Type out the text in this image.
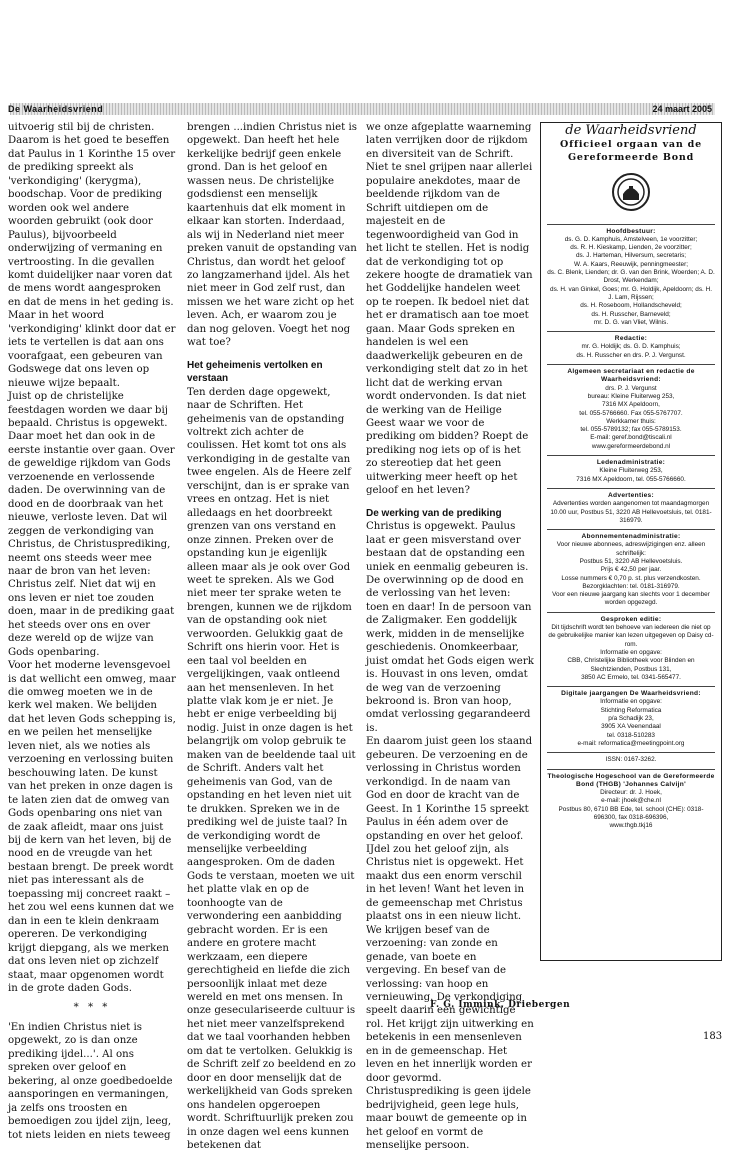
De Waarheidsvriend	24 maart 2005

uitvoerig stil bij de christen. Daarom is het goed te beseffen dat Paulus in 1 Korinthe 15 over de prediking spreekt als 'verkondiging' (kerygma), boodschap. Voor de prediking worden ook wel andere woorden gebruikt (ook door Paulus), bijvoorbeeld onderwijzing of vermaning en vertroosting. In die gevallen komt duidelijker naar voren dat de mens wordt aangesproken en dat de mens in het geding is. Maar in het woord 'verkondiging' klinkt door dat er iets te vertellen is dat aan ons voorafgaat, een gebeuren van Godswege dat ons leven op nieuwe wijze bepaalt.

Juist op de christelijke feestdagen worden we daar bij bepaald. Christus is opgewekt. Daar moet het dan ook in de eerste instantie over gaan. Over de geweldige rijkdom van Gods verzoenende en verlossende daden. De overwinning van de dood en de doorbraak van het nieuwe, verloste leven. Dat wil zeggen de verkondiging van Christus, de Christusprediking, neemt ons steeds weer mee naar de bron van het leven: Christus zelf. Niet dat wij en ons leven er niet toe zouden doen, maar in de prediking gaat het steeds over ons en over deze wereld op de wijze van Gods openbaring.

Voor het moderne levensgevoel is dat wellicht een omweg, maar die omweg moeten we in de kerk wel maken. We belijden dat het leven Gods schepping is, en we peilen het menselijke leven niet, als we noties als verzoening en verlossing buiten beschouwing laten. De kunst van het preken in onze dagen is te laten zien dat de omweg van Gods openbaring ons niet van de zaak afleidt, maar ons juist bij de kern van het leven, bij de nood en de vreugde van het bestaan brengt. De preek wordt niet pas interessant als de toepassing mij concreet raakt – het zou wel eens kunnen dat we dan in een te klein denkraam opereren. De verkondiging krijgt diepgang, als we merken dat ons leven niet op zichzelf staat, maar opgenomen wordt in de grote daden Gods.

* * *

'En indien Christus niet is opgewekt, zo is dan onze prediking ijdel...'. Al ons spreken over geloof en bekering, al onze goedbedoelde aansporingen en vermaningen, ja zelfs ons troosten en bemoedigen zou ijdel zijn, leeg, tot niets leiden en niets teweeg

brengen ...indien Christus niet is opgewekt. Dan heeft het hele kerkelijke bedrijf geen enkele grond. Dan is het geloof en wassen neus. De christelijke godsdienst een menselijk kaartenhuis dat elk moment in elkaar kan storten. Inderdaad, als wij in Nederland niet meer preken vanuit de opstanding van Christus, dan wordt het geloof zo langzamerhand ijdel. Als het niet meer in God zelf rust, dan missen we het ware zicht op het leven. Ach, er waarom zou je dan nog geloven. Voegt het nog wat toe?

Het geheimenis vertolken en verstaan

Ten derden dage opgewekt, naar de Schriften. Het geheimenis van de opstanding voltrekt zich achter de coulissen. Het komt tot ons als verkondiging in de gestalte van twee engelen. Als de Heere zelf verschijnt, dan is er sprake van vrees en ontzag. Het is niet alledaags en het doorbreekt grenzen van ons verstand en onze zinnen. Preken over de opstanding kun je eigenlijk alleen maar als je ook over God weet te spreken. Als we God niet meer ter sprake weten te brengen, kunnen we de rijkdom van de opstanding ook niet verwoorden. Gelukkig gaat de Schrift ons hierin voor. Het is een taal vol beelden en vergelijkingen, vaak ontleend aan het mensenleven. In het platte vlak kom je er niet. Je hebt er enige verbeelding bij nodig. Juist in onze dagen is het belangrijk om volop gebruik te maken van de beeldende taal uit de Schrift. Anders valt het geheimenis van God, van de opstanding en het leven niet uit te drukken. Spreken we in de prediking wel de juiste taal? In de verkondiging wordt de menselijke verbeelding aangesproken. Om de daden Gods te verstaan, moeten we uit het platte vlak en op de toonhoogte van de verwondering een aanbidding gebracht worden. Er is een andere en grotere macht werkzaam, een diepere gerechtigheid en liefde die zich persoonlijk inlaat met deze wereld en met ons mensen. In onze geseculariseerde cultuur is het niet meer vanzelfsprekend dat we taal voorhanden hebben om dat te vertolken. Gelukkig is de Schrift zelf zo beeldend en zo door en door menselijk dat de werkelijkheid van Gods spreken ons handelen opgeroepen wordt. Schriftuurlijk preken zou in onze dagen wel eens kunnen betekenen dat

we onze afgeplatte waarneming laten verrijken door de rijkdom en diversiteit van de Schrift. Niet te snel grijpen naar allerlei populaire anekdotes, maar de beeldende rijkdom van de Schrift uitdiepen om de majesteit en de tegenwoordigheid van God in het licht te stellen. Het is nodig dat de verkondiging tot op zekere hoogte de dramatiek van het Goddelijke handelen weet op te roepen. Ik bedoel niet dat het er dramatisch aan toe moet gaan. Maar Gods spreken en handelen is wel een daadwerkelijk gebeuren en de verkondiging stelt dat zo in het licht dat de werking ervan wordt ondervonden. Is dat niet de werking van de Heilige Geest waar we voor de prediking om bidden? Roept de prediking nog iets op of is het zo stereotiep dat het geen uitwerking meer heeft op het geloof en het leven?

De werking van de prediking

Christus is opgewekt. Paulus laat er geen misverstand over bestaan dat de opstanding een uniek en eenmalig gebeuren is. De overwinning op de dood en de verlossing van het leven: toen en daar! In de persoon van de Zaligmaker. Een goddelijk werk, midden in de menselijke geschiedenis. Onomkeerbaar, juist omdat het Gods eigen werk is. Houvast in ons leven, omdat de weg van de verzoening bekroond is. Bron van hoop, omdat verlossing gegarandeerd is.

En daarom juist geen los staand gebeuren. De verzoening en de verlossing in Christus worden verkondigd. In de naam van God en door de kracht van de Geest. In 1 Korinthe 15 spreekt Paulus in één adem over de opstanding en over het geloof. IJdel zou het geloof zijn, als Christus niet is opgewekt. Het maakt dus een enorm verschil in het leven! Want het leven in de gemeenschap met Christus plaatst ons in een nieuw licht. We krijgen besef van de verzoening: van zonde en genade, van boete en vergeving. En besef van de verlossing: van hoop en vernieuwing. De verkondiging speelt daarin een gewichtige rol. Het krijgt zijn uitwerking en betekenis in een mensenleven en in de gemeenschap. Het leven en het innerlijk worden er door gevormd. Christusprediking is geen ijdele bedrijvigheid, geen lege huls, maar bouwt de gemeente op in het geloof en vormt de menselijke persoon.

F. G. Immink, Driebergen
de Waarheidsvriend
Officieel orgaan van de Gereformeerde Bond
Hoofdbestuur:
ds. G. D. Kamphuis, Amstelveen, 1e voorzitter;
ds. R. H. Kieskamp, Lienden, 2e voorzitter;
ds. J. Harteman, Hilversum, secretaris;
W. A. Kaars, Reeuwijk, penningmeester;
ds. C. Blenk, Lienden; dr. G. van den Brink, Woerden; A. D. Drost, Werkendam;
ds. H. van Ginkel, Goes; mr. G. Holdijk, Apeldoorn; ds. H. J. Lam, Rijssen;
ds. H. Roseboom, Hollandscheveld;
ds. H. Russcher, Barneveld;
mr. D. G. van Vliet, Wilnis.
Redactie:
mr. G. Holdijk; ds. G. D. Kamphuis;
ds. H. Russcher en drs. P. J. Vergunst.
Algemeen secretariaat en redactie de Waarheidsvriend:
drs. P. J. Vergunst
bureau: Kleine Fluiterweg 253,
7316 MX Apeldoorn,
tel. 055-5766660. Fax 055-5767707.
Werkkamer thuis:
tel. 055-5789132; fax 055-5789153.
E-mail: geref.bond@tiscali.nl
www.gereformeerdebond.nl
Ledenadministratie:
Kleine Fluiterweg 253,
7316 MX Apeldoorn, tel. 055-5766660.
Advertenties:
Advertenties worden aangenomen tot maandagmorgen 10.00 uur, Postbus 51, 3220 AB Hellevoetsluis, tel. 0181-316979.
Abonnementenadministratie:
Voor nieuwe abonnees, adreswijzigingen enz. alleen schriftelijk:
Postbus 51, 3220 AB Hellevoetsluis.
Prijs € 42,50 per jaar.
Losse nummers € 0,70 p. st. plus verzendkosten. Bezorgklachten: tel. 0181-316979.
Voor een nieuwe jaargang kan slechts voor 1 december worden opgezegd.
Gesproken editie:
Dit tijdschrift wordt ten behoeve van iedereen die niet op de gebruikelijke manier kan lezen uitgegeven op Daisy cd-rom.
Informatie en opgave:
CBB, Christelijke Bibliotheek voor Blinden en Slechtzienden, Postbus 131,
3850 AC Ermelo, tel. 0341-565477.
Digitale jaargangen De Waarheidsvriend:
Informatie en opgave:
Stichting Reformatica
p/a Schadijk 23,
3905 XA Veenendaal
tel. 0318-510283
e-mail: reformatica@meetingpoint.org
ISSN: 0167-3262.
Theologische Hogeschool van de Gereformeerde Bond (THGB) 'Johannes Calvijn'
Directeur: dr. J. Hoek,
e-mail: jhoek@che.nl
Postbus 80, 6710 BB Ede, tel. school (CHE): 0318-696300, fax 0318-696396,
www.thgb.tkj16
183
